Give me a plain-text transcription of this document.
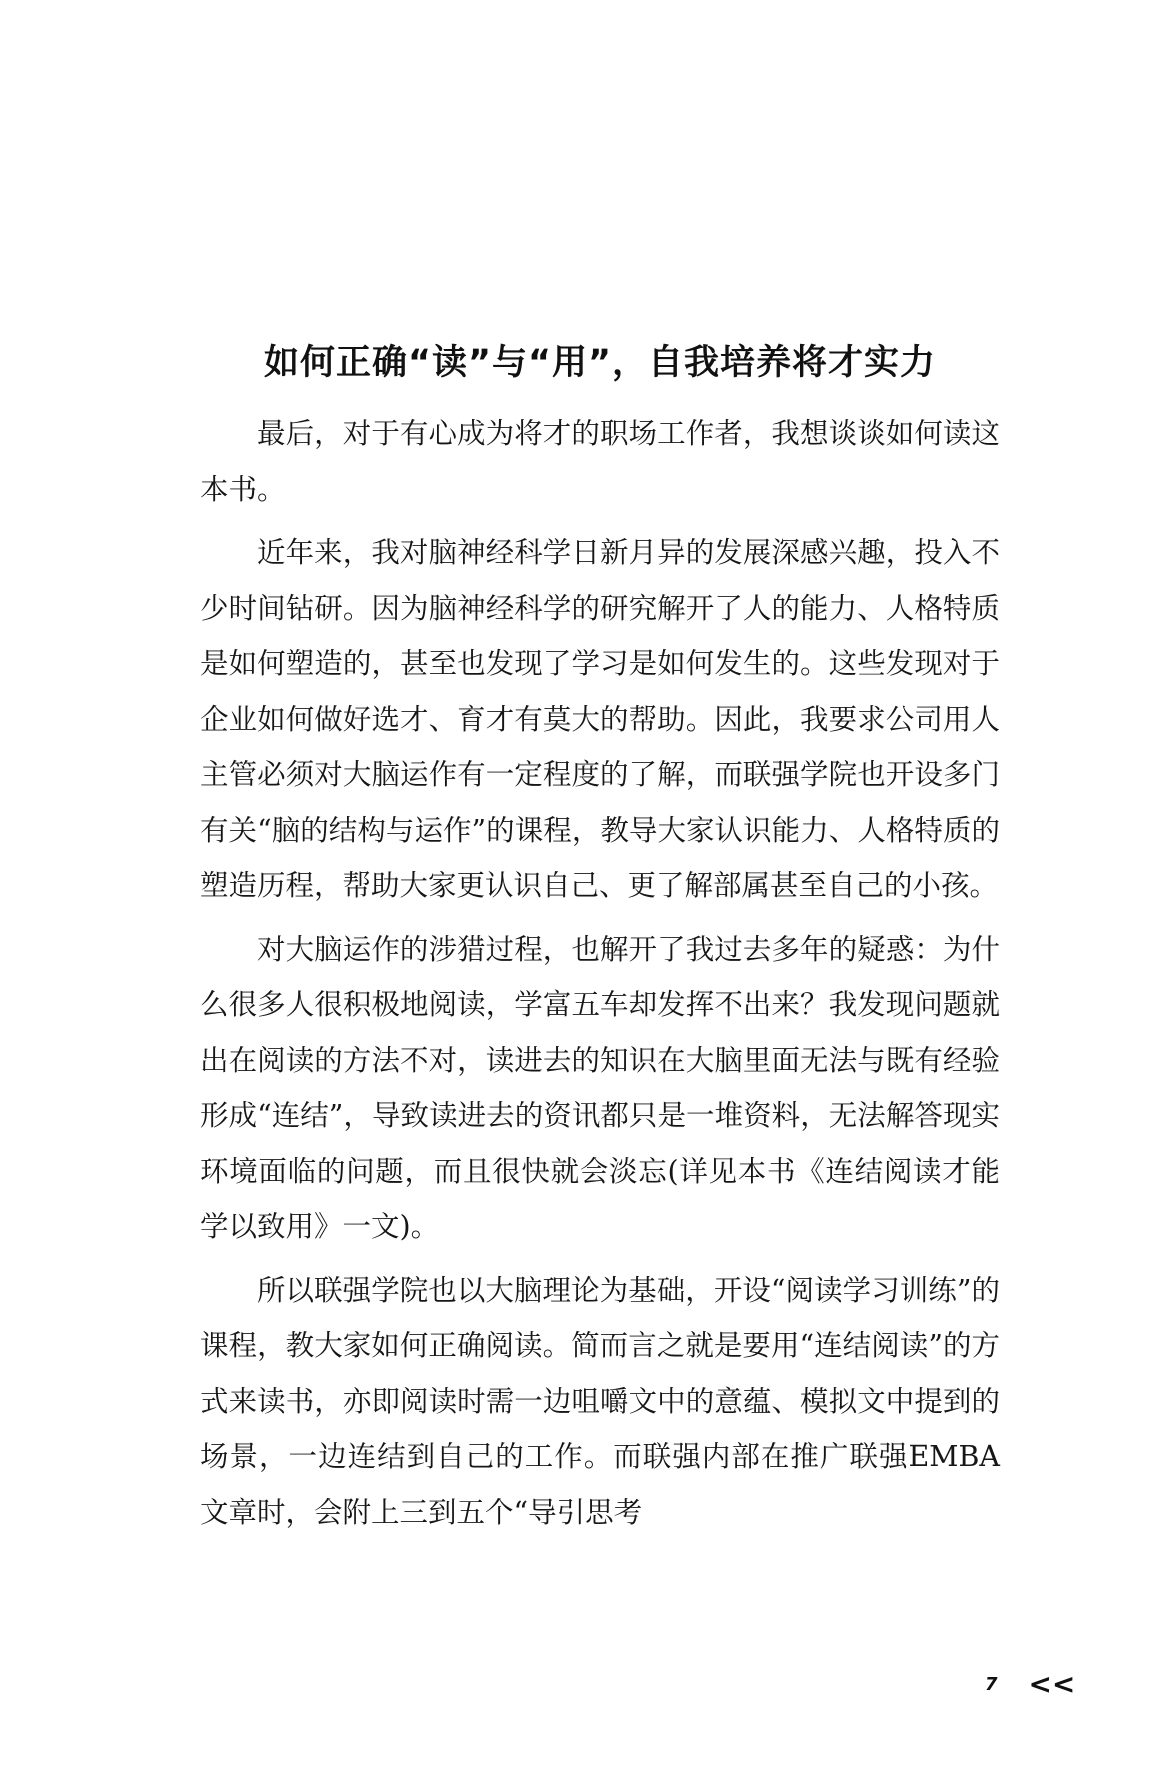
如何正确“读”与“用”，自我培养将才实力

最后，对于有心成为将才的职场工作者，我想谈谈如何读这本书。

近年来，我对脑神经科学日新月异的发展深感兴趣，投入不少时间钻研。因为脑神经科学的研究解开了人的能力、人格特质是如何塑造的，甚至也发现了学习是如何发生的。这些发现对于企业如何做好选才、育才有莫大的帮助。因此，我要求公司用人主管必须对大脑运作有一定程度的了解，而联强学院也开设多门有关“脑的结构与运作”的课程，教导大家认识能力、人格特质的塑造历程，帮助大家更认识自己、更了解部属甚至自己的小孩。

对大脑运作的涉猎过程，也解开了我过去多年的疑惑：为什么很多人很积极地阅读，学富五车却发挥不出来？我发现问题就出在阅读的方法不对，读进去的知识在大脑里面无法与既有经验形成“连结”，导致读进去的资讯都只是一堆资料，无法解答现实环境面临的问题，而且很快就会淡忘(详见本书《连结阅读才能学以致用》一文)。

所以联强学院也以大脑理论为基础，开设“阅读学习训练”的课程，教大家如何正确阅读。简而言之就是要用“连结阅读”的方式来读书，亦即阅读时需一边咀嚼文中的意蕴、模拟文中提到的场景，一边连结到自己的工作。而联强内部在推广联强EMBA文章时，会附上三到五个“导引思考

7 <<
